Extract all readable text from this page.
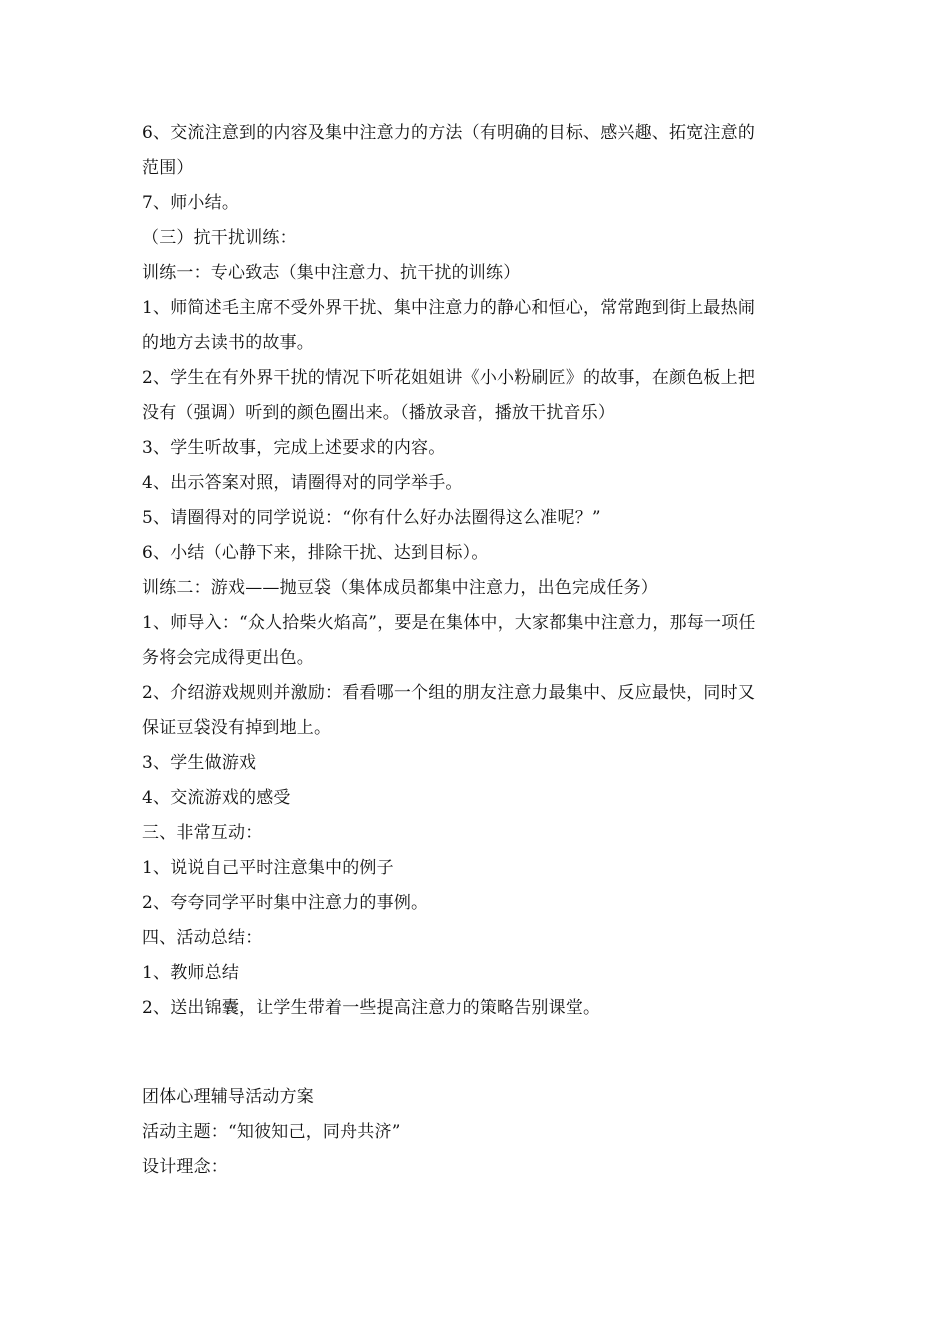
6、交流注意到的内容及集中注意力的方法（有明确的目标、感兴趣、拓宽注意的
范围）
7、师小结。
（三）抗干扰训练：
训练一：专心致志（集中注意力、抗干扰的训练）
1、师简述毛主席不受外界干扰、集中注意力的静心和恒心，常常跑到街上最热闹
的地方去读书的故事。
2、学生在有外界干扰的情况下听花姐姐讲《小小粉刷匠》的故事，在颜色板上把
没有（强调）听到的颜色圈出来。（播放录音，播放干扰音乐）
3、学生听故事，完成上述要求的内容。
4、出示答案对照，请圈得对的同学举手。
5、请圈得对的同学说说：“你有什么好办法圈得这么准呢？”
6、小结（心静下来，排除干扰、达到目标）。
训练二：游戏——抛豆袋（集体成员都集中注意力，出色完成任务）
1、师导入：“众人拾柴火焰高”，要是在集体中，大家都集中注意力，那每一项任
务将会完成得更出色。
2、介绍游戏规则并激励：看看哪一个组的朋友注意力最集中、反应最快，同时又
保证豆袋没有掉到地上。
3、学生做游戏
4、交流游戏的感受
三、非常互动：
1、说说自己平时注意集中的例子
2、夸夸同学平时集中注意力的事例。
四、活动总结：
1、教师总结
2、送出锦囊，让学生带着一些提高注意力的策略告别课堂。
团体心理辅导活动方案
活动主题：“知彼知己，同舟共济”
设计理念：
